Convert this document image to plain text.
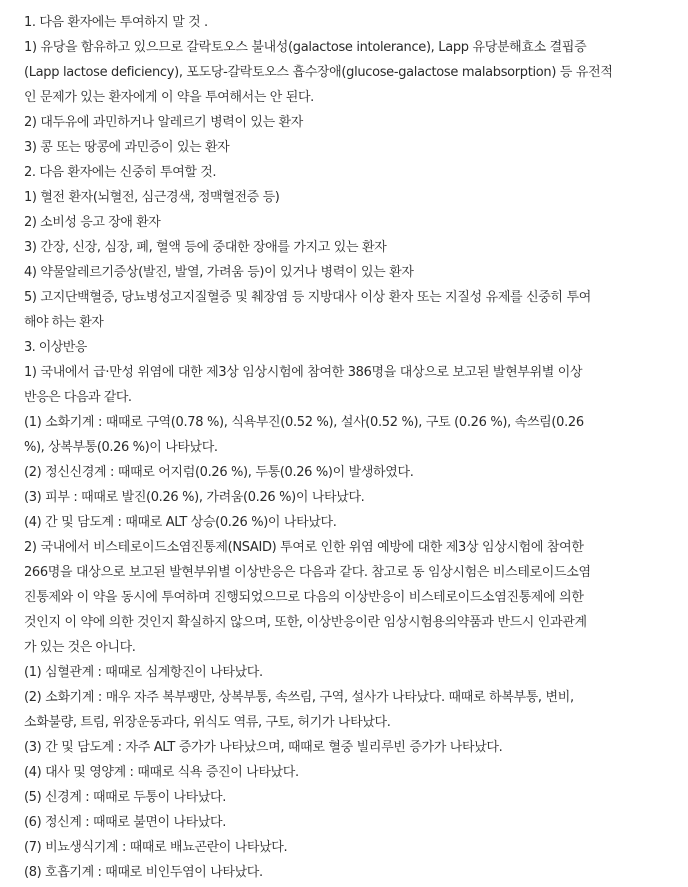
1. 다음 환자에는 투여하지 말 것 .
1) 유당을 함유하고 있으므로 갈락토오스 불내성(galactose intolerance), Lapp 유당분해효소 결핍증
(Lapp lactose deficiency), 포도당-갈락토오스 흡수장애(glucose-galactose malabsorption) 등 유전적
인 문제가 있는 환자에게 이 약을 투여해서는 안 된다.
2) 대두유에 과민하거나 알레르기 병력이 있는 환자
3) 콩 또는 땅콩에 과민증이 있는 환자
2. 다음 환자에는 신중히 투여할 것.
1) 혈전 환자(뇌혈전, 심근경색, 정맥혈전증 등)
2) 소비성 응고 장애 환자
3) 간장, 신장, 심장, 폐, 혈액 등에 중대한 장애를 가지고 있는 환자
4) 약물알레르기증상(발진, 발열, 가려움 등)이 있거나 병력이 있는 환자
5) 고지단백혈증, 당뇨병성고지질혈증 및 췌장염 등 지방대사 이상 환자 또는 지질성 유제를 신중히 투여
해야 하는 환자
3. 이상반응
1) 국내에서 급·만성 위염에 대한 제3상 임상시험에 참여한 386명을 대상으로 보고된 발현부위별 이상
반응은 다음과 같다.
(1) 소화기계 : 때때로 구역(0.78 %), 식욕부진(0.52 %), 설사(0.52 %), 구토 (0.26 %), 속쓰림(0.26
%), 상복부통(0.26 %)이 나타났다.
(2) 정신신경계 : 때때로 어지럼(0.26 %), 두통(0.26 %)이 발생하였다.
(3) 피부 : 때때로 발진(0.26 %), 가려움(0.26 %)이 나타났다.
(4) 간 및 담도계 : 때때로 ALT 상승(0.26 %)이 나타났다.
2) 국내에서 비스테로이드소염진통제(NSAID) 투여로 인한 위염 예방에 대한 제3상 임상시험에 참여한
266명을 대상으로 보고된 발현부위별 이상반응은 다음과 같다. 참고로 동 임상시험은 비스테로이드소염
진통제와 이 약을 동시에 투여하며 진행되었으므로 다음의 이상반응이 비스테로이드소염진통제에 의한
것인지 이 약에 의한 것인지 확실하지 않으며, 또한, 이상반응이란 임상시험용의약품과 반드시 인과관계
가 있는 것은 아니다.
(1) 심혈관계 : 때때로 심계항진이 나타났다.
(2) 소화기계 : 매우 자주 복부팽만, 상복부통, 속쓰림, 구역, 설사가 나타났다. 때때로 하복부통, 변비,
소화불량, 트림, 위장운동과다, 위식도 역류, 구토, 허기가 나타났다.
(3) 간 및 담도계 : 자주 ALT 증가가 나타났으며, 때때로 혈중 빌리루빈 증가가 나타났다.
(4) 대사 및 영양계 : 때때로 식욕 증진이 나타났다.
(5) 신경계 : 때때로 두통이 나타났다.
(6) 정신계 : 때때로 불면이 나타났다.
(7) 비뇨생식기계 : 때때로 배뇨곤란이 나타났다.
(8) 호흡기계 : 때때로 비인두염이 나타났다.
